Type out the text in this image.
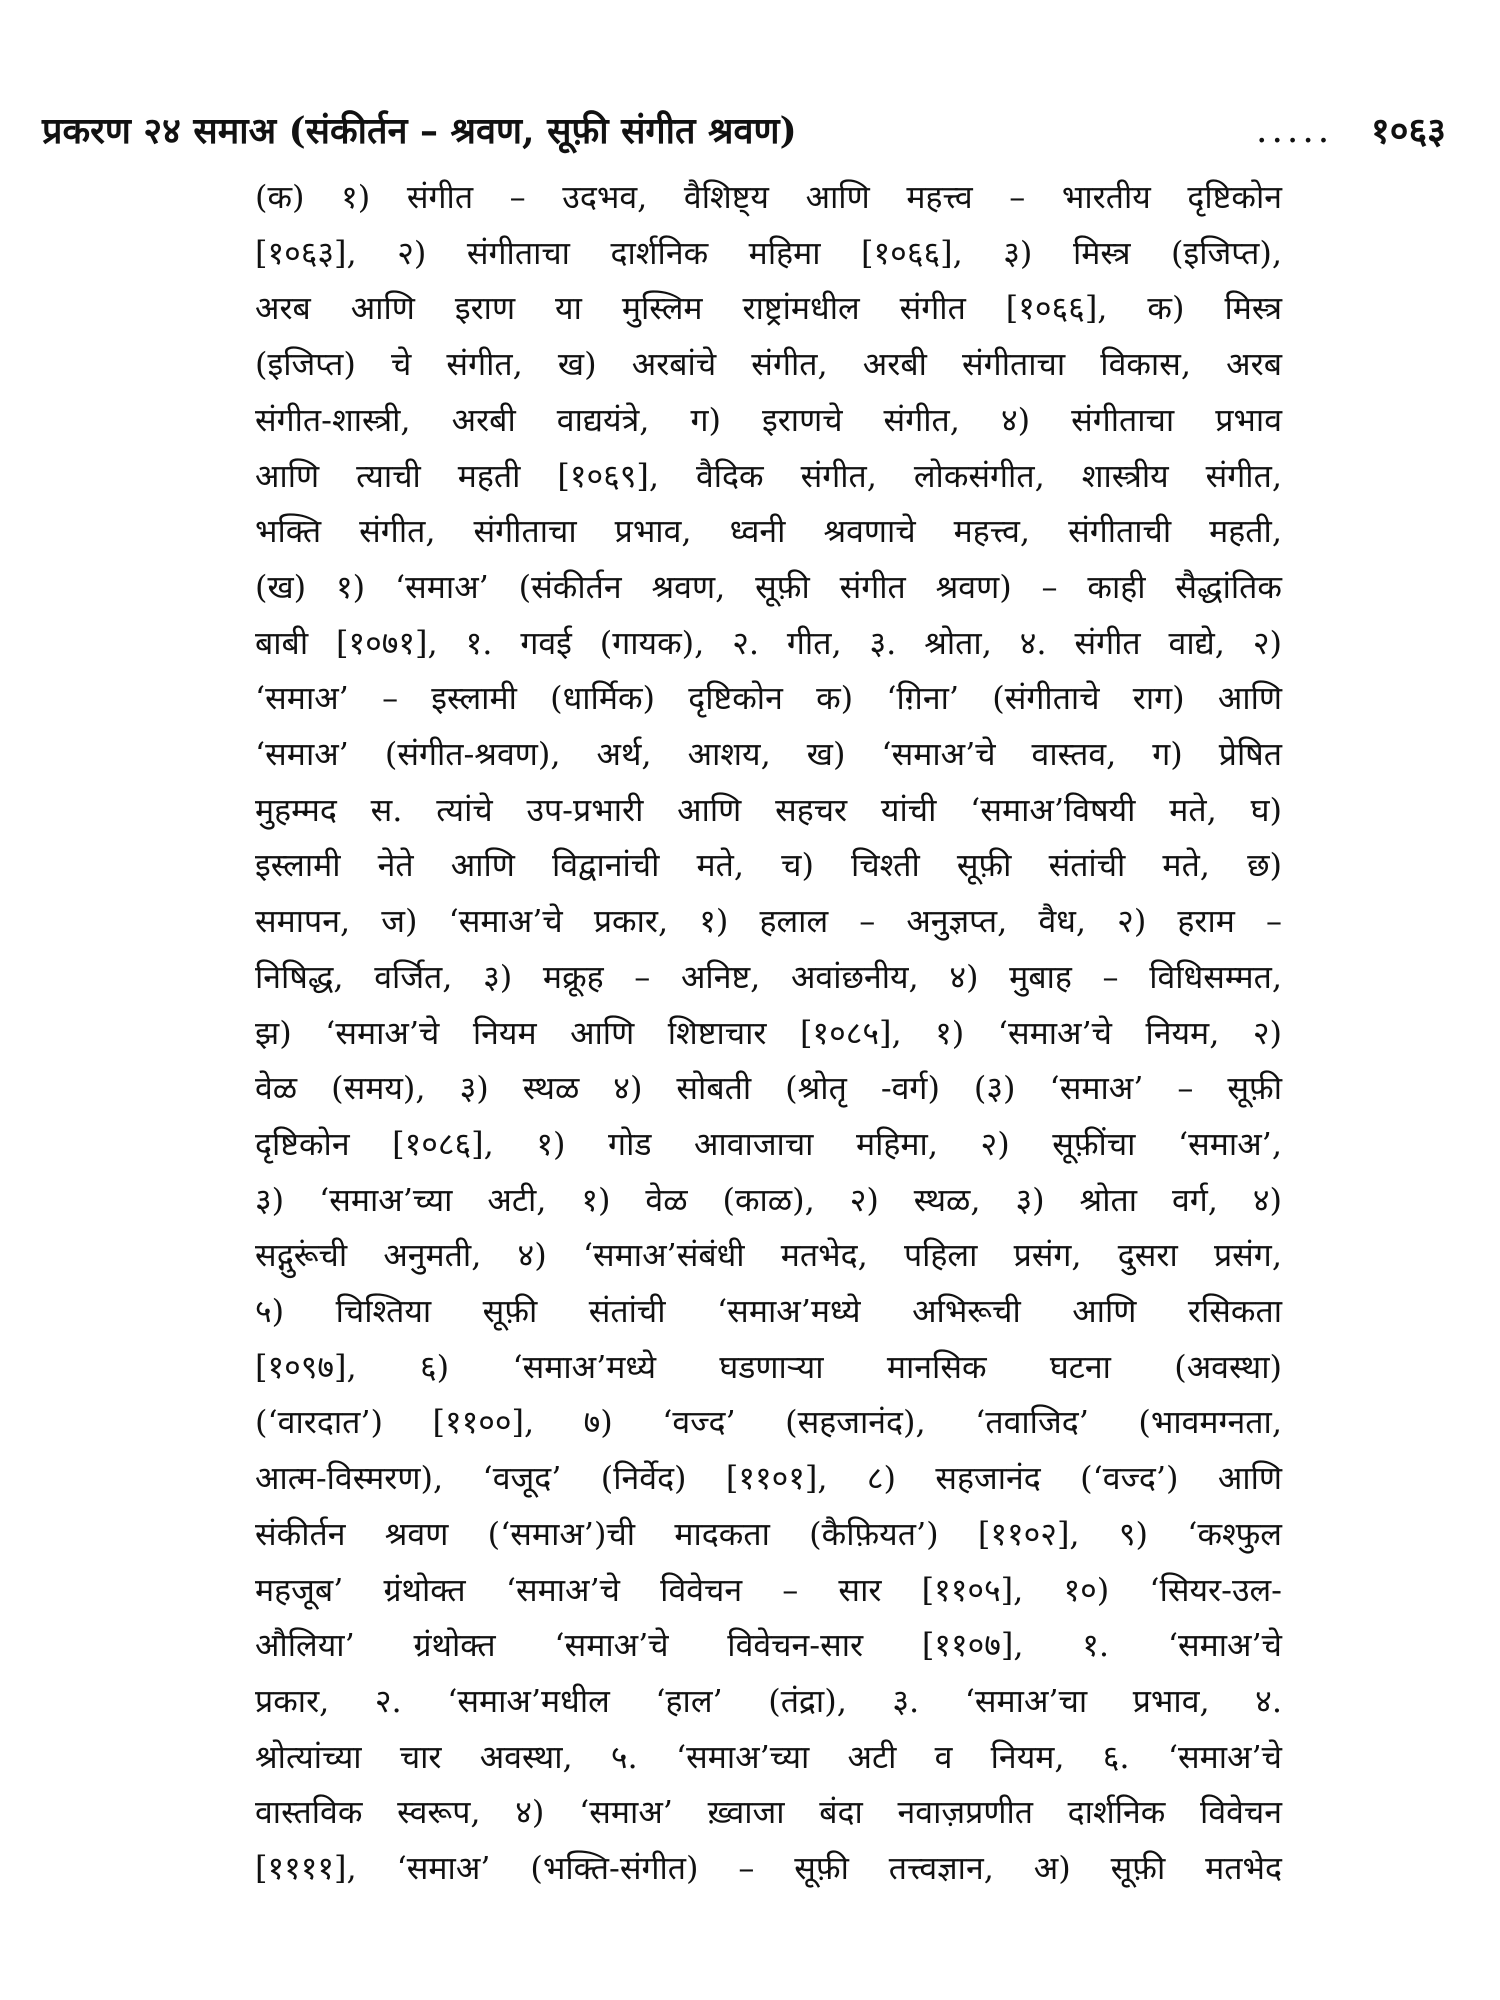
प्रकरण २४ समाअ (संकीर्तन – श्रवण, सूफ़ी संगीत श्रवण)	..... १०६३
(क) १) संगीत – उदभव, वैशिष्ट्य आणि महत्त्व – भारतीय दृष्टिकोन
[१०६३], २) संगीताचा दार्शनिक महिमा [१०६६], ३) मिस्त्र (इजिप्त),
अरब आणि इराण या मुस्लिम राष्ट्रांमधील संगीत [१०६६], क) मिस्त्र
(इजिप्त) चे संगीत, ख) अरबांचे संगीत, अरबी संगीताचा विकास, अरब
संगीत-शास्त्री, अरबी वाद्ययंत्रे, ग) इराणचे संगीत, ४) संगीताचा प्रभाव
आणि त्याची महती [१०६९], वैदिक संगीत, लोकसंगीत, शास्त्रीय संगीत,
भक्ति संगीत, संगीताचा प्रभाव, ध्वनी श्रवणाचे महत्त्व, संगीताची महती,
(ख) १) ‘समाअ’ (संकीर्तन श्रवण, सूफ़ी संगीत श्रवण) – काही सैद्धांतिक
बाबी [१०७१], १. गवई (गायक), २. गीत, ३. श्रोता, ४. संगीत वाद्ये, २)
‘समाअ’ – इस्लामी (धार्मिक) दृष्टिकोन क) ‘ग़िना’ (संगीताचे राग) आणि
‘समाअ’ (संगीत-श्रवण), अर्थ, आशय, ख) ‘समाअ’चे वास्तव, ग) प्रेषित
मुहम्मद स. त्यांचे उप-प्रभारी आणि सहचर यांची ‘समाअ’विषयी मते, घ)
इस्लामी नेते आणि विद्वानांची मते, च) चिश्ती सूफ़ी संतांची मते, छ)
समापन, ज) ‘समाअ’चे प्रकार, १) हलाल – अनुज्ञप्त, वैध, २) हराम –
निषिद्ध, वर्जित, ३) मक्रूह – अनिष्ट, अवांछनीय, ४) मुबाह – विधिसम्मत,
झ) ‘समाअ’चे नियम आणि शिष्टाचार [१०८५], १) ‘समाअ’चे नियम, २)
वेळ (समय), ३) स्थळ ४) सोबती (श्रोतृ -वर्ग) (३) ‘समाअ’ – सूफ़ी
दृष्टिकोन [१०८६], १) गोड आवाजाचा महिमा, २) सूफ़ींचा ‘समाअ’,
३) ‘समाअ’च्या अटी, १) वेळ (काळ), २) स्थळ, ३) श्रोता वर्ग, ४)
सद्गुरूंची अनुमती, ४) ‘समाअ’संबंधी मतभेद, पहिला प्रसंग, दुसरा प्रसंग,
५) चिश्तिया सूफ़ी संतांची ‘समाअ’मध्ये अभिरूची आणि रसिकता
[१०९७], ६) ‘समाअ’मध्ये घडणाऱ्या मानसिक घटना (अवस्था)
(‘वारदात’) [११००], ७) ‘वज्द’ (सहजानंद), ‘तवाजिद’ (भावमग्नता,
आत्म-विस्मरण), ‘वजूद’ (निर्वेद) [११०१], ८) सहजानंद (‘वज्द’) आणि
संकीर्तन श्रवण (‘समाअ’)ची मादकता (कैफ़ियत’) [११०२], ९) ‘कश्फुल
महजूब’ ग्रंथोक्त ‘समाअ’चे विवेचन – सार [११०५], १०) ‘सियर-उल-
औलिया’ ग्रंथोक्त ‘समाअ’चे विवेचन-सार [११०७], १. ‘समाअ’चे
प्रकार, २. ‘समाअ’मधील ‘हाल’ (तंद्रा), ३. ‘समाअ’चा प्रभाव, ४.
श्रोत्यांच्या चार अवस्था, ५. ‘समाअ’च्या अटी व नियम, ६. ‘समाअ’चे
वास्तविक स्वरूप, ४) ‘समाअ’ ख़्वाजा बंदा नवाज़प्रणीत दार्शनिक विवेचन
[११११], ‘समाअ’ (भक्ति-संगीत) – सूफ़ी तत्त्वज्ञान, अ) सूफ़ी मतभेद
